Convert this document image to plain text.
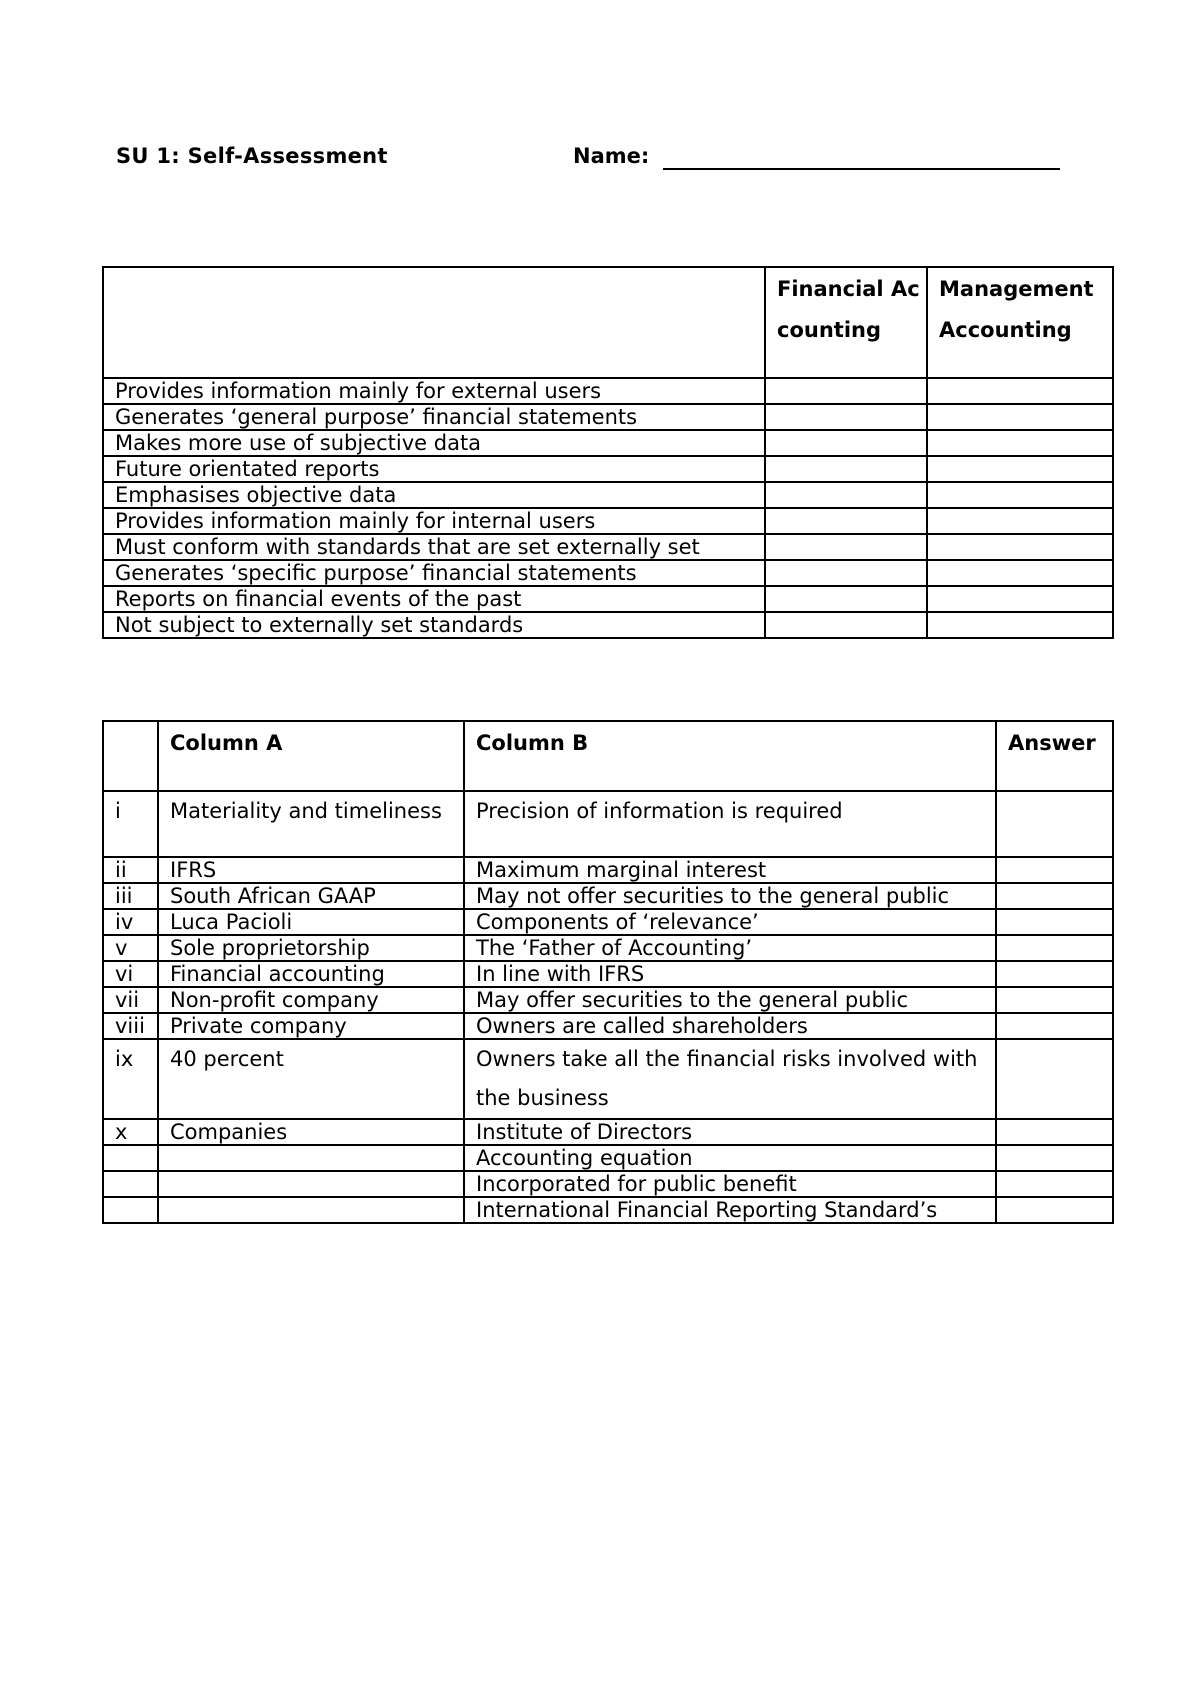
SU 1: Self-Assessment	Name:
	Financial Accounting	Management Accounting
Provides information mainly for external users		
Generates ‘general purpose’ financial statements		
Makes more use of subjective data		
Future orientated reports		
Emphasises objective data		
Provides information mainly for internal users		
Must conform with standards that are set externally set		
Generates ‘specific purpose’ financial statements		
Reports on financial events of the past		
Not subject to externally set standards		
	Column A	Column B	Answer
i	Materiality and timeliness	Precision of information is required	
ii	IFRS	Maximum marginal interest	
iii	South African GAAP	May not offer securities to the general public	
iv	Luca Pacioli	Components of ‘relevance’	
v	Sole proprietorship	The ‘Father of Accounting’	
vi	Financial accounting	In line with IFRS	
vii	Non-profit company	May offer securities to the general public	
viii	Private company	Owners are called shareholders	
ix	40 percent	Owners take all the financial risks involved with the business	
x	Companies	Institute of Directors	
		Accounting equation	
		Incorporated for public benefit	
		International Financial Reporting Standard’s	
